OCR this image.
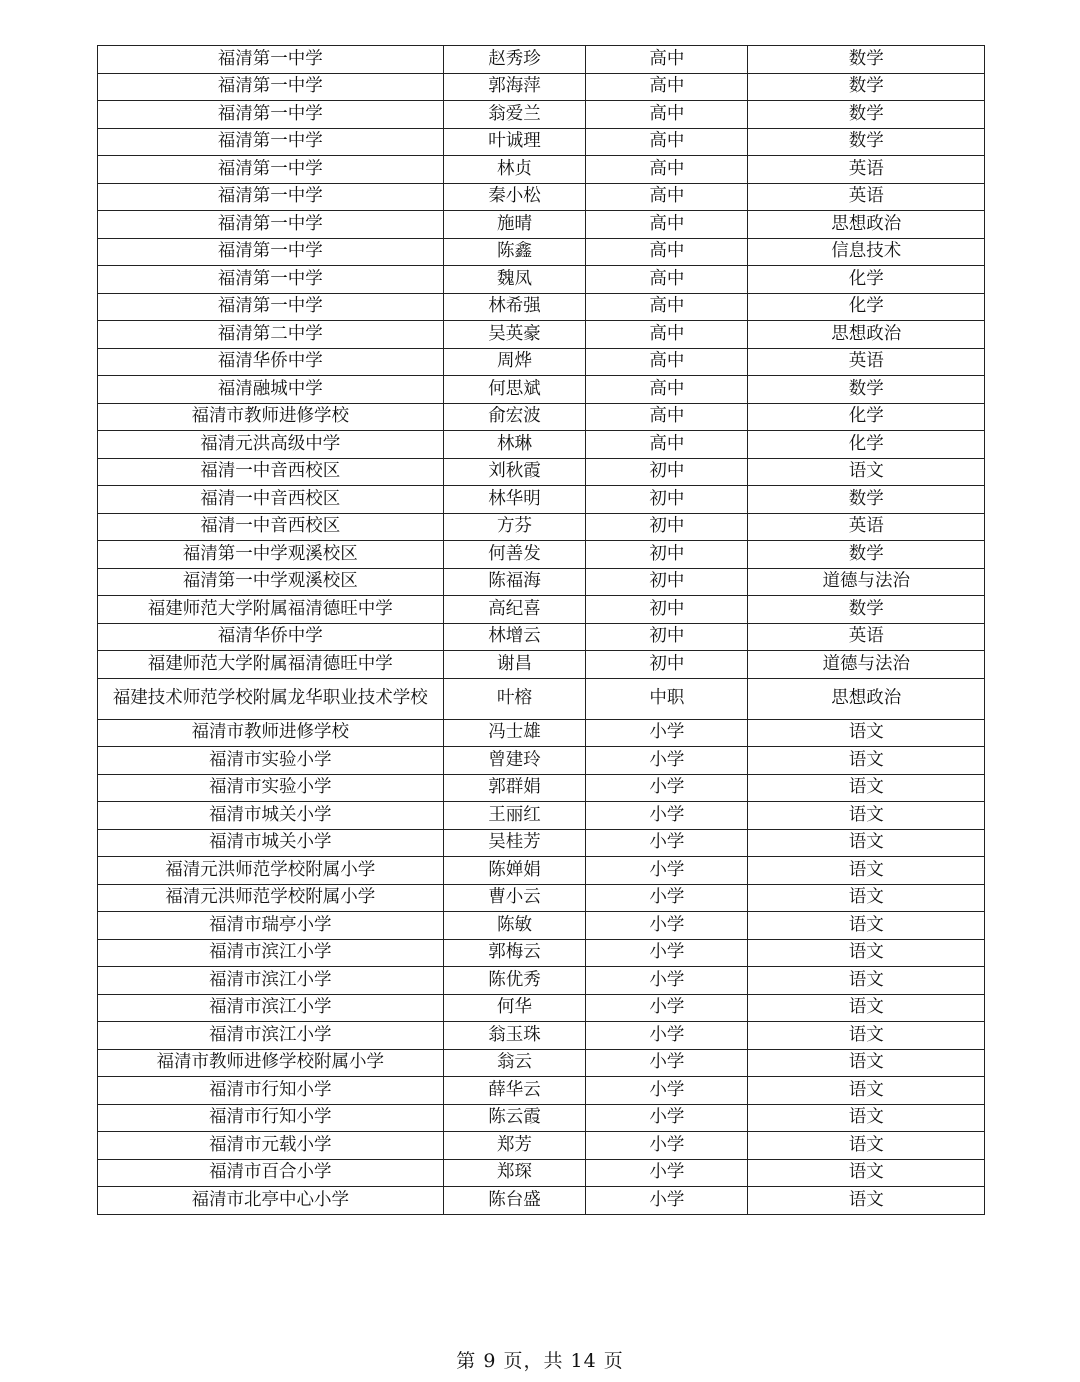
福清第一中学	赵秀珍	高中	数学
福清第一中学	郭海萍	高中	数学
福清第一中学	翁爱兰	高中	数学
福清第一中学	叶诚理	高中	数学
福清第一中学	林贞	高中	英语
福清第一中学	秦小松	高中	英语
福清第一中学	施晴	高中	思想政治
福清第一中学	陈鑫	高中	信息技术
福清第一中学	魏凤	高中	化学
福清第一中学	林希强	高中	化学
福清第二中学	吴英豪	高中	思想政治
福清华侨中学	周烨	高中	英语
福清融城中学	何思斌	高中	数学
福清市教师进修学校	俞宏波	高中	化学
福清元洪高级中学	林琳	高中	化学
福清一中音西校区	刘秋霞	初中	语文
福清一中音西校区	林华明	初中	数学
福清一中音西校区	方芬	初中	英语
福清第一中学观溪校区	何善发	初中	数学
福清第一中学观溪校区	陈福海	初中	道德与法治
福建师范大学附属福清德旺中学	高纪喜	初中	数学
福清华侨中学	林增云	初中	英语
福建师范大学附属福清德旺中学	谢昌	初中	道德与法治
福建技术师范学校附属龙华职业技术学校	叶榕	中职	思想政治
福清市教师进修学校	冯士雄	小学	语文
福清市实验小学	曾建玲	小学	语文
福清市实验小学	郭群娟	小学	语文
福清市城关小学	王丽红	小学	语文
福清市城关小学	吴桂芳	小学	语文
福清元洪师范学校附属小学	陈婵娟	小学	语文
福清元洪师范学校附属小学	曹小云	小学	语文
福清市瑞亭小学	陈敏	小学	语文
福清市滨江小学	郭梅云	小学	语文
福清市滨江小学	陈优秀	小学	语文
福清市滨江小学	何华	小学	语文
福清市滨江小学	翁玉珠	小学	语文
福清市教师进修学校附属小学	翁云	小学	语文
福清市行知小学	薛华云	小学	语文
福清市行知小学	陈云霞	小学	语文
福清市元载小学	郑芳	小学	语文
福清市百合小学	郑琛	小学	语文
福清市北亭中心小学	陈台盛	小学	语文
第 9 页，共 14 页
